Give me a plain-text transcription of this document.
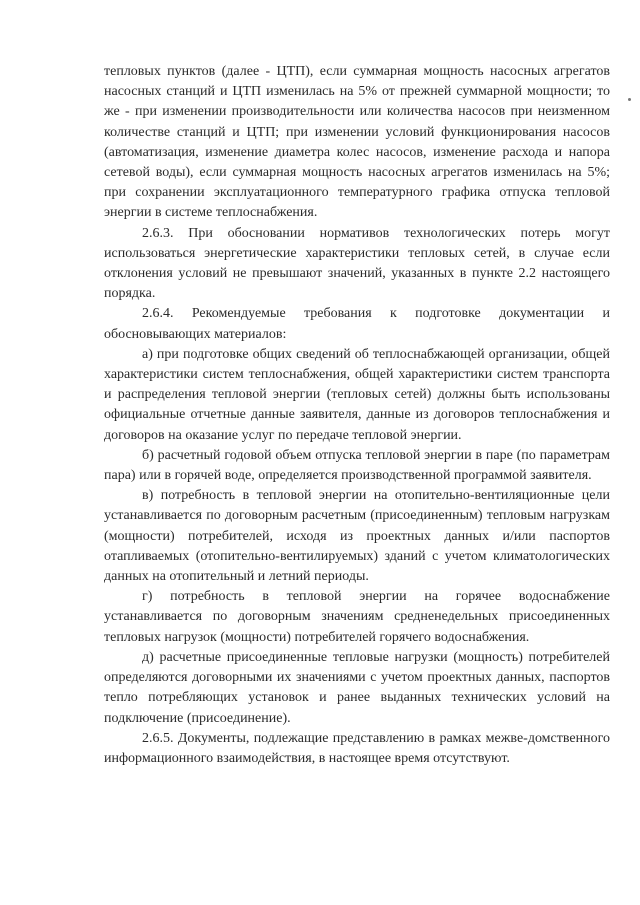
тепловых пунктов (далее - ЦТП), если суммарная мощность насосных агрегатов насосных станций и ЦТП изменилась на 5% от прежней суммарной мощности; то же - при изменении производительности или количества насосов при неизменном количестве станций и ЦТП; при изменении условий функционирования насосов (автоматизация, изменение диаметра колес насосов, изменение расхода и напора сетевой воды), если суммарная мощность насосных агрегатов изменилась на 5%; при сохранении эксплуатационного температурного графика отпуска тепловой энергии в системе теплоснабжения.

2.6.3. При обосновании нормативов технологических потерь могут использоваться энергетические характеристики тепловых сетей, в случае если отклонения условий не превышают значений, указанных в пункте 2.2 настоящего порядка.

2.6.4. Рекомендуемые требования к подготовке документации и обосновывающих материалов:

а) при подготовке общих сведений об теплоснабжающей организации, общей характеристики систем теплоснабжения, общей характеристики систем транспорта и распределения тепловой энергии (тепловых сетей) должны быть использованы официальные отчетные данные заявителя, данные из договоров теплоснабжения и договоров на оказание услуг по передаче тепловой энергии.

б) расчетный годовой объем отпуска тепловой энергии в паре (по параметрам пара) или в горячей воде, определяется производственной программой заявителя.

в) потребность в тепловой энергии на отопительно-вентиляционные цели устанавливается по договорным расчетным (присоединенным) тепловым нагрузкам (мощности) потребителей, исходя из проектных данных и/или паспортов отапливаемых (отопительно-вентилируемых) зданий с учетом климатологических данных на отопительный и летний периоды.

г) потребность в тепловой энергии на горячее водоснабжение устанавливается по договорным значениям средненедельных присоединенных тепловых нагрузок (мощности) потребителей горячего водоснабжения.

д) расчетные присоединенные тепловые нагрузки (мощность) потребителей определяются договорными их значениями с учетом проектных данных, паспортов тепло потребляющих установок и ранее выданных технических условий на подключение (присоединение).

2.6.5. Документы, подлежащие представлению в рамках межве-домственного информационного взаимодействия, в настоящее время отсутствуют.
